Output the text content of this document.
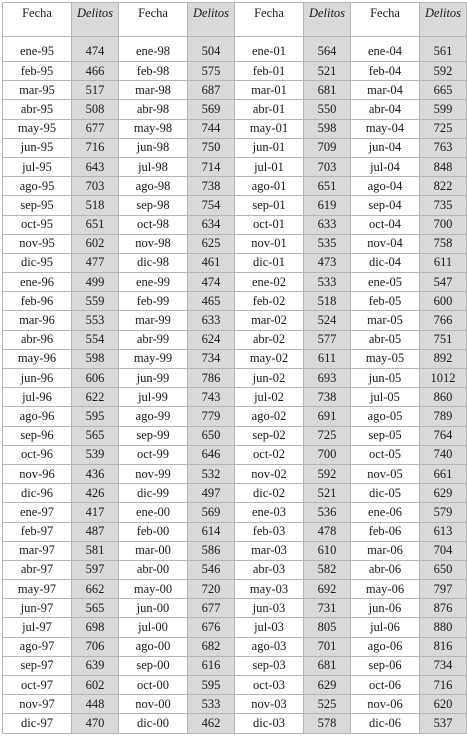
Fecha	Delitos	Fecha	Delitos	Fecha	Delitos	Fecha	Delitos
ene-95	474	ene-98	504	ene-01	564	ene-04	561
feb-95	466	feb-98	575	feb-01	521	feb-04	592
mar-95	517	mar-98	687	mar-01	681	mar-04	665
abr-95	508	abr-98	569	abr-01	550	abr-04	599
may-95	677	may-98	744	may-01	598	may-04	725
jun-95	716	jun-98	750	jun-01	709	jun-04	763
jul-95	643	jul-98	714	jul-01	703	jul-04	848
ago-95	703	ago-98	738	ago-01	651	ago-04	822
sep-95	518	sep-98	754	sep-01	619	sep-04	735
oct-95	651	oct-98	634	oct-01	633	oct-04	700
nov-95	602	nov-98	625	nov-01	535	nov-04	758
dic-95	477	dic-98	461	dic-01	473	dic-04	611
ene-96	499	ene-99	474	ene-02	533	ene-05	547
feb-96	559	feb-99	465	feb-02	518	feb-05	600
mar-96	553	mar-99	633	mar-02	524	mar-05	766
abr-96	554	abr-99	624	abr-02	577	abr-05	751
may-96	598	may-99	734	may-02	611	may-05	892
jun-96	606	jun-99	786	jun-02	693	jun-05	1012
jul-96	622	jul-99	743	jul-02	738	jul-05	860
ago-96	595	ago-99	779	ago-02	691	ago-05	789
sep-96	565	sep-99	650	sep-02	725	sep-05	764
oct-96	539	oct-99	646	oct-02	700	oct-05	740
nov-96	436	nov-99	532	nov-02	592	nov-05	661
dic-96	426	dic-99	497	dic-02	521	dic-05	629
ene-97	417	ene-00	569	ene-03	536	ene-06	579
feb-97	487	feb-00	614	feb-03	478	feb-06	613
mar-97	581	mar-00	586	mar-03	610	mar-06	704
abr-97	597	abr-00	546	abr-03	582	abr-06	650
may-97	662	may-00	720	may-03	692	may-06	797
jun-97	565	jun-00	677	jun-03	731	jun-06	876
jul-97	698	jul-00	676	jul-03	805	jul-06	880
ago-97	706	ago-00	682	ago-03	701	ago-06	816
sep-97	639	sep-00	616	sep-03	681	sep-06	734
oct-97	602	oct-00	595	oct-03	629	oct-06	716
nov-97	448	nov-00	533	nov-03	525	nov-06	620
dic-97	470	dic-00	462	dic-03	578	dic-06	537
